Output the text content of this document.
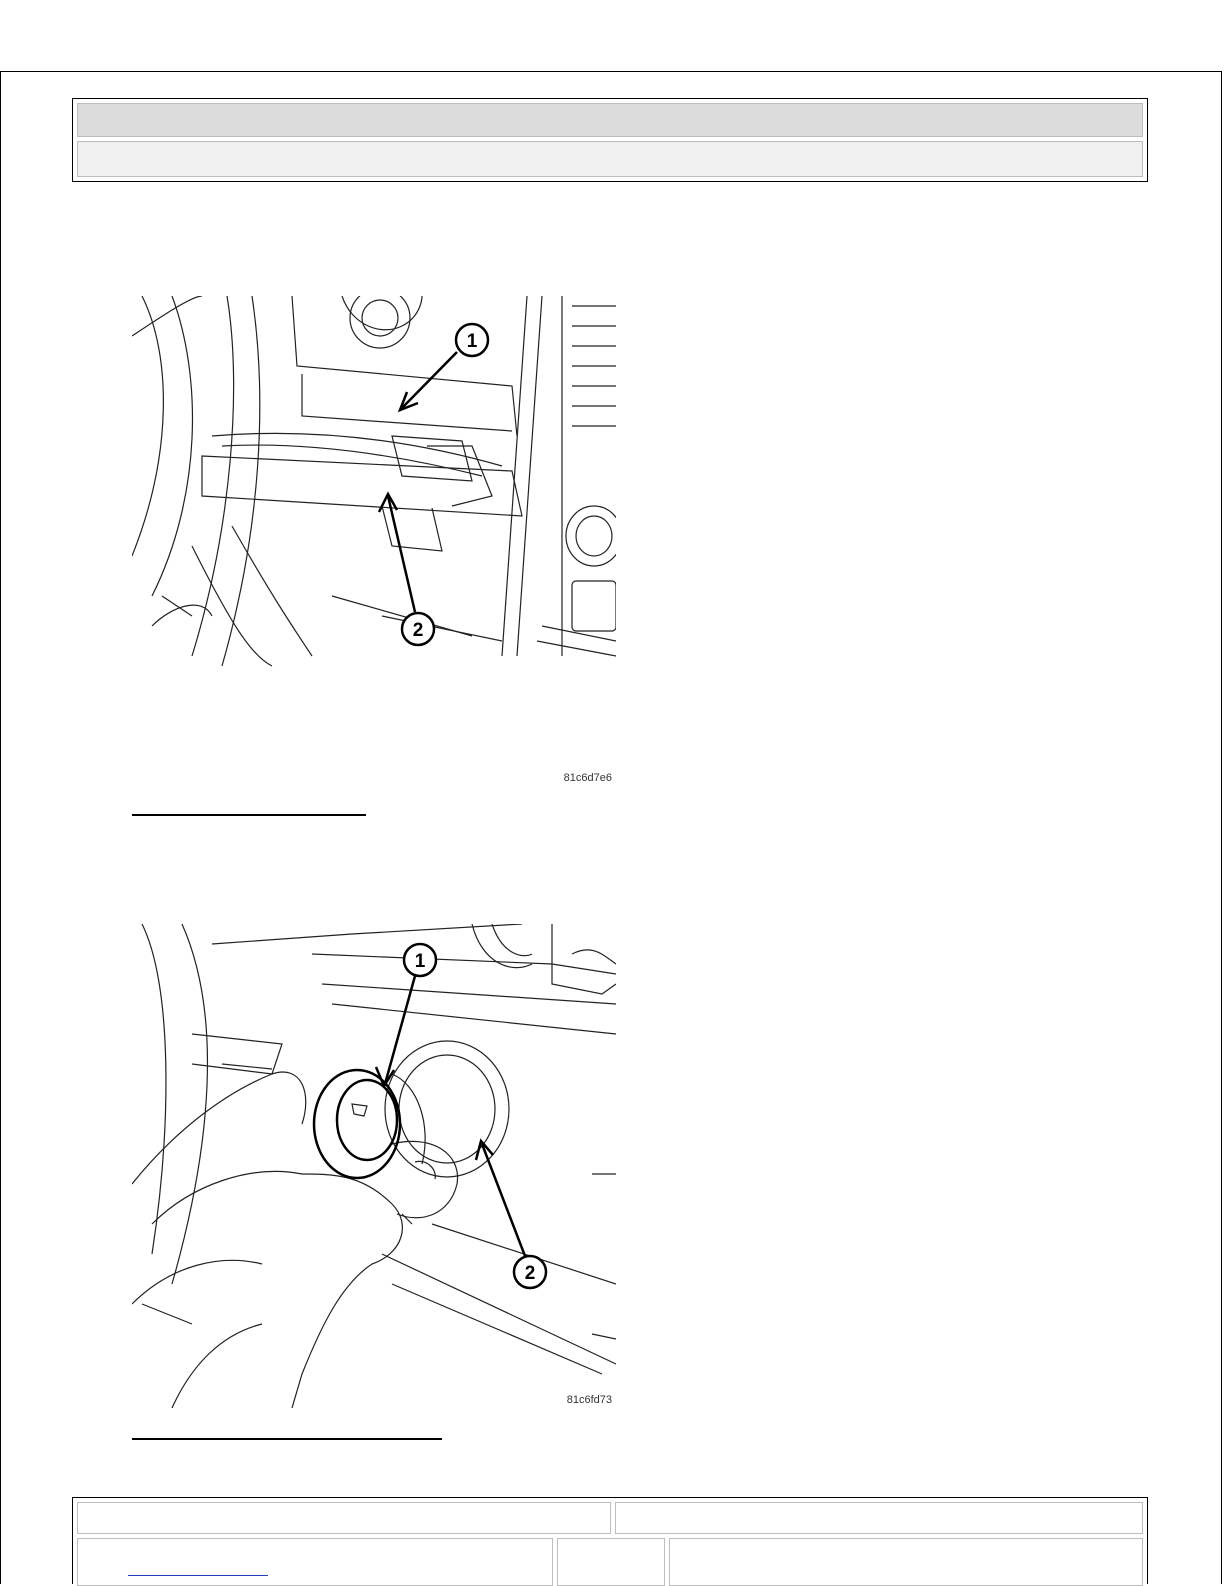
1
2
81c6d7e6
1
2
81c6fd73
